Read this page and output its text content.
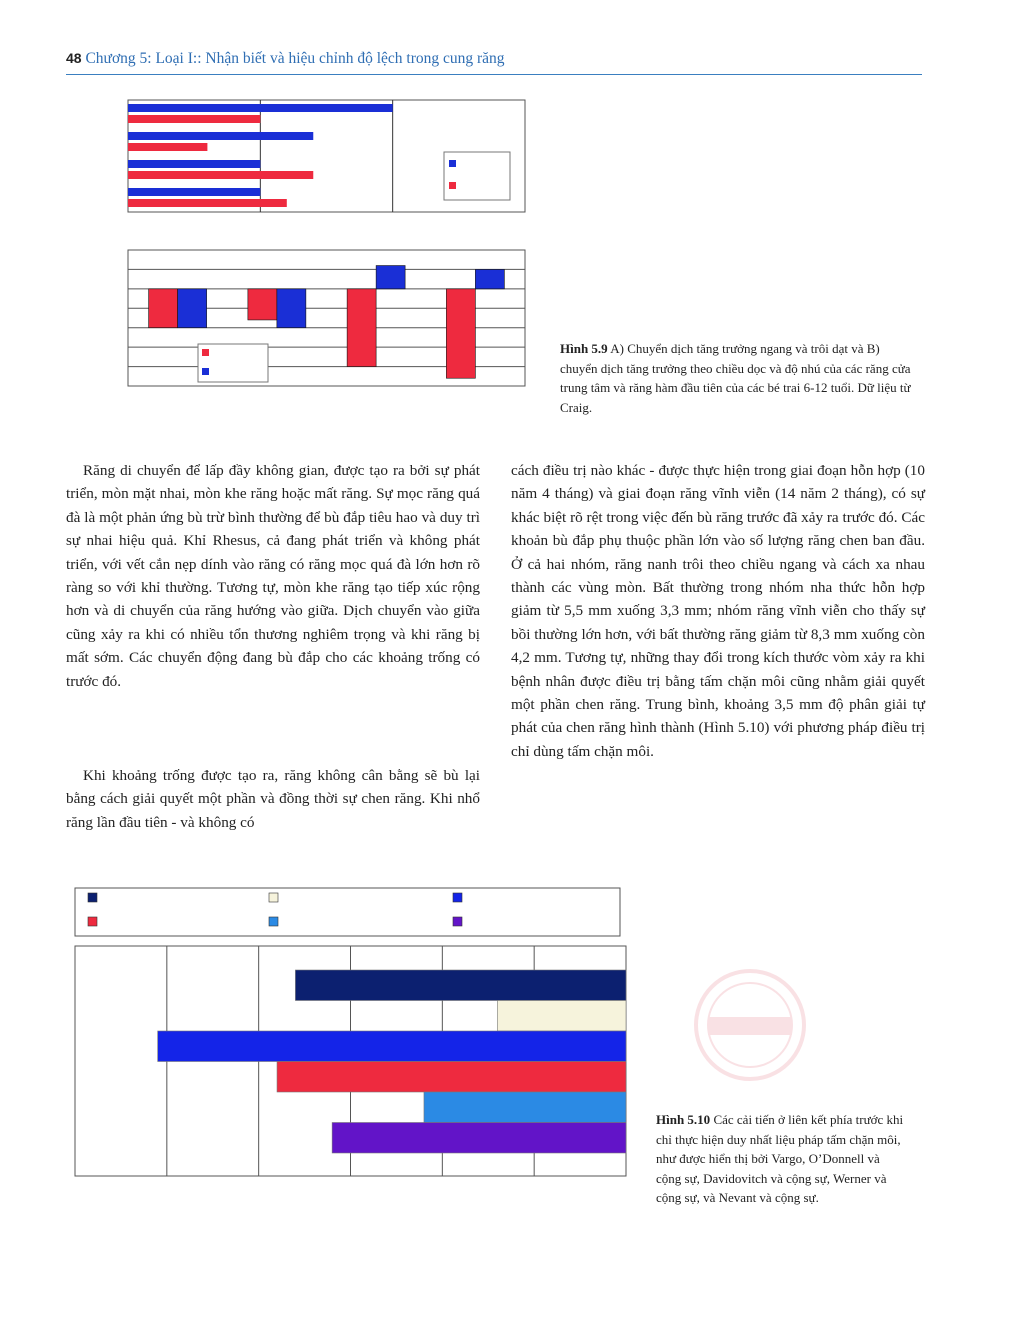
48 Chương 5: Loại I:: Nhận biết và hiệu chỉnh độ lệch trong cung răng
Hình 5.9 A) Chuyển dịch tăng trưởng ngang và trôi dạt và B) chuyển dịch tăng trưởng theo chiều dọc và độ nhú của các răng cửa trung tâm và răng hàm đầu tiên của các bé trai 6-12 tuổi. Dữ liệu từ Craig.

Răng di chuyển để lấp đầy không gian, được tạo ra bởi sự phát triển, mòn mặt nhai, mòn khe răng hoặc mất răng. Sự mọc răng quá đà là một phản ứng bù trừ bình thường để bù đắp tiêu hao và duy trì sự nhai hiệu quả. Khỉ Rhesus, cả đang phát triển và không phát triển, với vết cắn nẹp dính vào răng có răng mọc quá đà lớn hơn rõ ràng so với khỉ thường. Tương tự, mòn khe răng tạo tiếp xúc rộng hơn và di chuyển của răng hướng vào giữa. Dịch chuyển vào giữa cũng xảy ra khi có nhiều tổn thương nghiêm trọng và khi răng bị mất sớm. Các chuyển động đang bù đắp cho các khoảng trống có trước đó.

Khi khoảng trống được tạo ra, răng không cân bằng sẽ bù lại bằng cách giải quyết một phần và đồng thời sự chen răng. Khi nhổ răng lần đầu tiên - và không có

cách điều trị nào khác - được thực hiện trong giai đoạn hỗn hợp (10 năm 4 tháng) và giai đoạn răng vĩnh viễn (14 năm 2 tháng), có sự khác biệt rõ rệt trong việc đến bù răng trước đã xảy ra trước đó. Các khoản bù đắp phụ thuộc phần lớn vào số lượng răng chen ban đầu. Ở cả hai nhóm, răng nanh trôi theo chiều ngang và cách xa nhau thành các vùng mòn. Bất thường trong nhóm nha thức hỗn hợp giảm từ 5,5 mm xuống 3,3 mm; nhóm răng vĩnh viễn cho thấy sự bồi thường lớn hơn, với bất thường răng giảm từ 8,3 mm xuống còn 4,2 mm. Tương tự, những thay đổi trong kích thước vòm xảy ra khi bệnh nhân được điều trị bằng tấm chặn môi cũng nhằm giải quyết một phần chen răng. Trung bình, khoảng 3,5 mm độ phân giải tự phát của chen răng hình thành (Hình 5.10) với phương pháp điều trị chỉ dùng tấm chặn môi.

Hình 5.10 Các cải tiến ở liên kết phía trước khi chỉ thực hiện duy nhất liệu pháp tấm chặn môi, như được hiển thị bởi Vargo, O’Donnell và cộng sự, Davidovitch và cộng sự, Werner và cộng sự, và Nevant và cộng sự.
